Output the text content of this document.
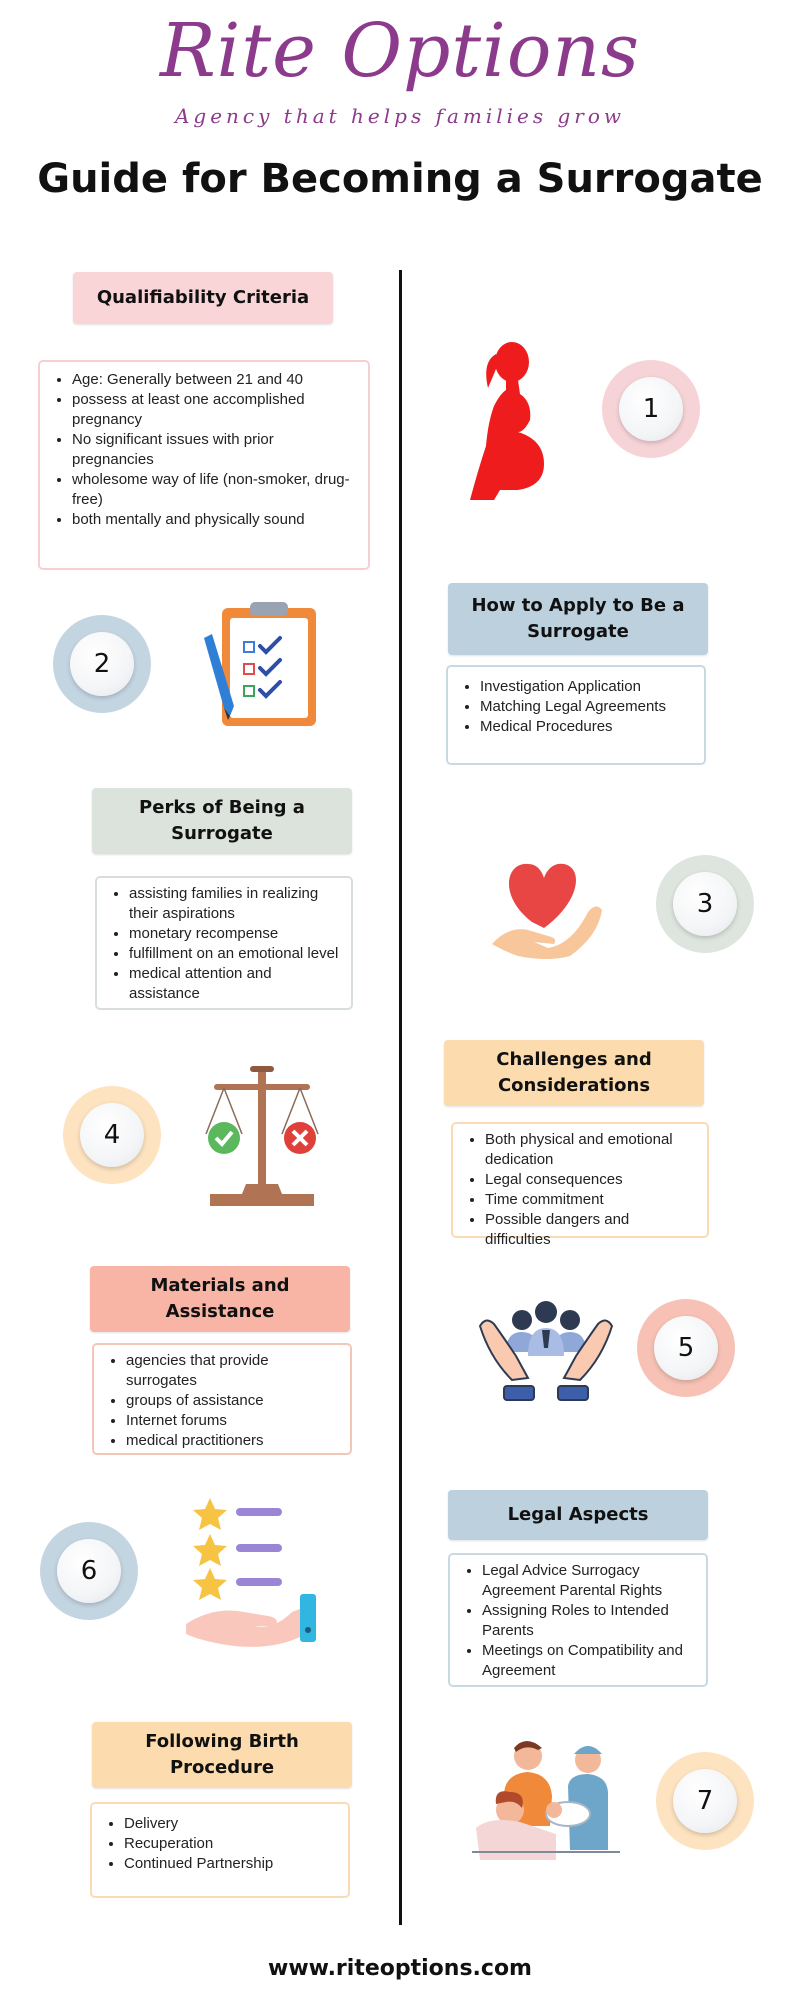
Rite Options
Agency that helps families grow
Guide for Becoming a Surrogate
Qualifiability Criteria
• Age: Generally between 21 and 40
• possess at least one accomplished pregnancy
• No significant issues with prior pregnancies
• wholesome way of life (non-smoker, drug-free)
• both mentally and physically sound
1
How to Apply to Be a Surrogate
• Investigation Application
• Matching Legal Agreements
• Medical Procedures
2
Perks of Being a Surrogate
• assisting families in realizing their aspirations
• monetary recompense
• fulfillment on an emotional level
• medical attention and assistance
3
Challenges and Considerations
• Both physical and emotional dedication
• Legal consequences
• Time commitment
• Possible dangers and difficulties
4
Materials and Assistance
• agencies that provide surrogates
• groups of assistance
• Internet forums
• medical practitioners
5
Legal Aspects
• Legal Advice Surrogacy Agreement Parental Rights
• Assigning Roles to Intended Parents
• Meetings on Compatibility and Agreement
6
Following Birth Procedure
• Delivery
• Recuperation
• Continued Partnership
7
www.riteoptions.com
